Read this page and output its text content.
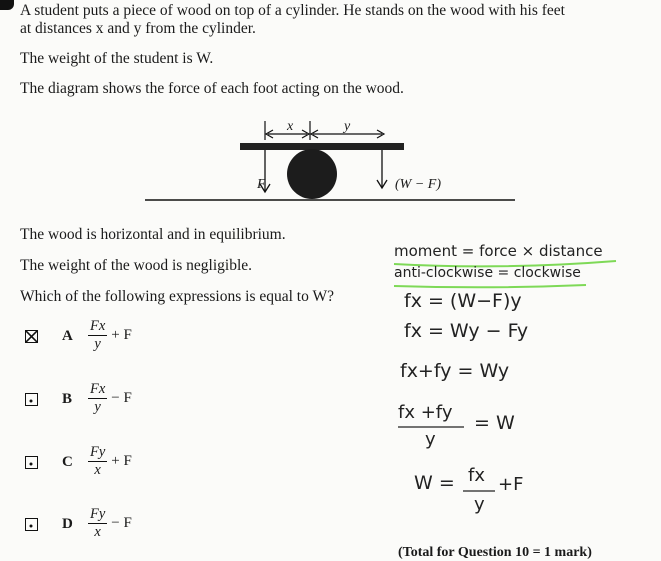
A student puts a piece of wood on top of a cylinder. He stands on the wood with his feet
at distances x and y from the cylinder.
The weight of the student is W.
The diagram shows the force of each foot acting on the wood.
x	y
F	(W − F)
The wood is horizontal and in equilibrium.
The weight of the wood is negligible.
Which of the following expressions is equal to W?
A $\frac{Fx}{y} + F$
B $\frac{Fx}{y} - F$
C $\frac{Fy}{x} + F$
D $\frac{Fy}{x} - F$
moment = force × distance
anti-clockwise = clockwise
fx = (W−F)y
fx = Wy − Fy
fx+fy = Wy
fx +fy
y
= W
W = fx
y
+F
(Total for Question 10 = 1 mark)
